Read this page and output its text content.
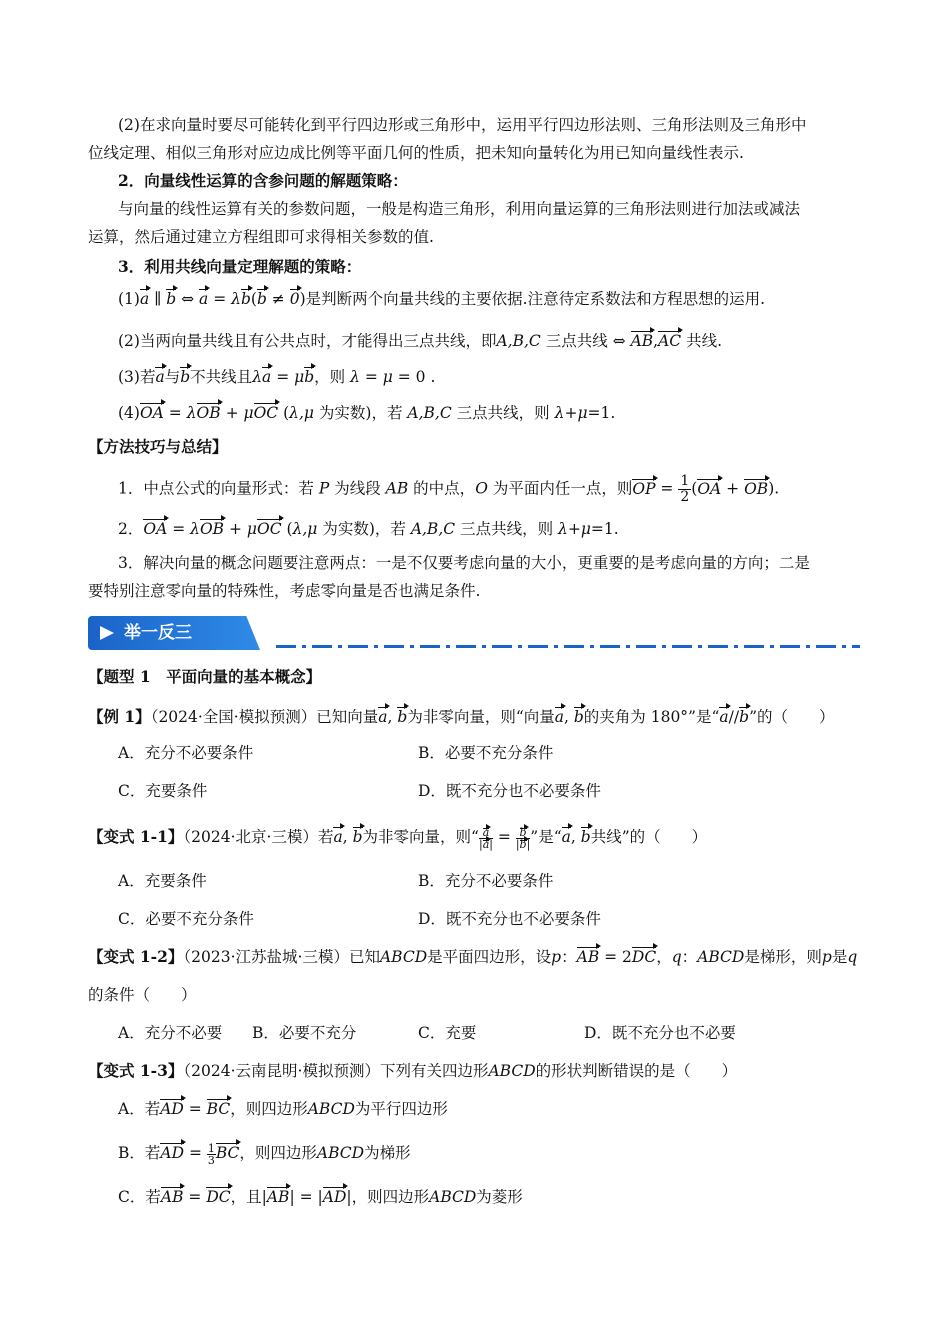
(2)在求向量时要尽可能转化到平行四边形或三角形中，运用平行四边形法则、三角形法则及三角形中
位线定理、相似三角形对应边成比例等平面几何的性质，把未知向量转化为用已知向量线性表示.
2．向量线性运算的含参问题的解题策略：
与向量的线性运算有关的参数问题，一般是构造三角形，利用向量运算的三角形法则进行加法或减法
运算，然后通过建立方程组即可求得相关参数的值.
3．利用共线向量定理解题的策略：
(1)a ∥ b ⇔ a = λb(b ≠ 0)是判断两个向量共线的主要依据.注意待定系数法和方程思想的运用.
(2)当两向量共线且有公共点时，才能得出三点共线，即A,B,C 三点共线 ⇔ AB,AC 共线.
(3)若a与b不共线且λa = μb，则 λ = μ = 0 .
(4)OA = λOB + μOC (λ,μ 为实数)，若 A,B,C 三点共线，则 λ+μ=1.
【方法技巧与总结】
1．中点公式的向量形式：若 P 为线段 AB 的中点，O 为平面内任一点，则OP = $\frac{1}{2} (OA + OB)$.
2．OA = λOB + μOC (λ,μ 为实数)，若 A,B,C 三点共线，则 λ+μ=1.
3．解决向量的概念问题要注意两点：一是不仅要考虑向量的大小，更重要的是考虑向量的方向；二是
要特别注意零向量的特殊性，考虑零向量是否也满足条件.
举一反三
【题型 1　平面向量的基本概念】
【例 1】（2024·全国·模拟预测）已知向量a, b为非零向量，则“向量a, b的夹角为 180°”是“a//b”的（　　）
A．充分不必要条件	B．必要不充分条件
C．充要条件	D．既不充分也不必要条件
【变式 1-1】（2024·北京·三模）若a, b为非零向量，则“ $\frac{a}{|a|} = \frac{b}{|b|}$ ”是“a, b共线”的（　　）
A．充要条件	B．充分不必要条件
C．必要不充分条件	D．既不充分也不必要条件
【变式 1-2】（2023·江苏盐城·三模）已知ABCD是平面四边形，设p：AB = 2DC，q：ABCD是梯形，则p是q
的条件（　　）
A．充分不必要 B．必要不充分	C．充要	D．既不充分也不必要
【变式 1-3】（2024·云南昆明·模拟预测）下列有关四边形ABCD的形状判断错误的是（　　）
A．若AD = BC，则四边形ABCD为平行四边形
B．若AD = $\frac{1}{3}$ BC，则四边形ABCD为梯形
C．若AB = DC，且|AB| = |AD|，则四边形ABCD为菱形
